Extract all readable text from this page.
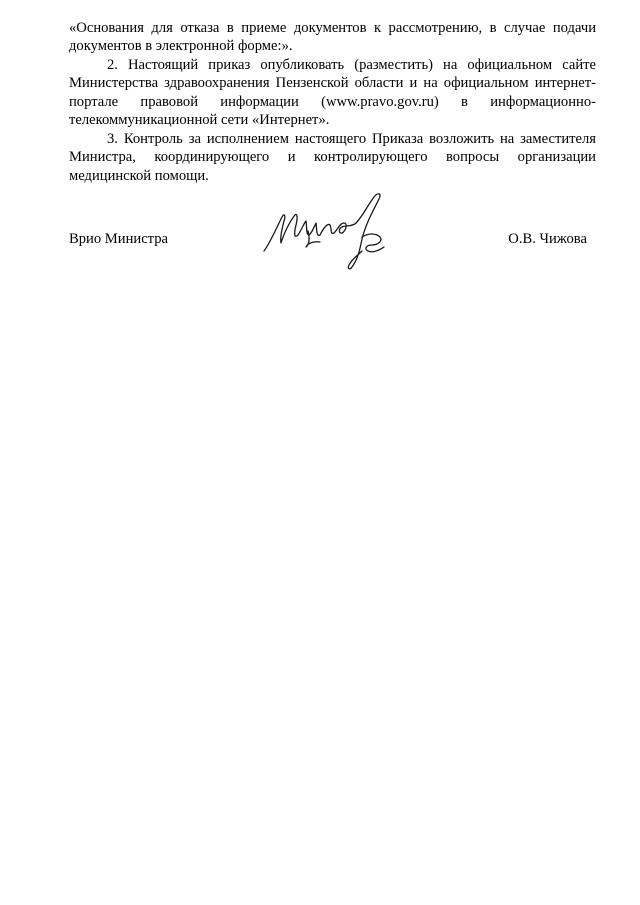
«Основания для отказа в приеме документов к рассмотрению, в случае подачи документов в электронной форме:».

2. Настоящий приказ опубликовать (разместить) на официальном сайте Министерства здравоохранения Пензенской области и на официальном интернет-портале правовой информации (www.pravo.gov.ru) в информационно-телекоммуникационной сети «Интернет».

3. Контроль за исполнением настоящего Приказа возложить на заместителя Министра, координирующего и контролирующего вопросы организации медицинской помощи.

Врио Министра	О.В. Чижова
